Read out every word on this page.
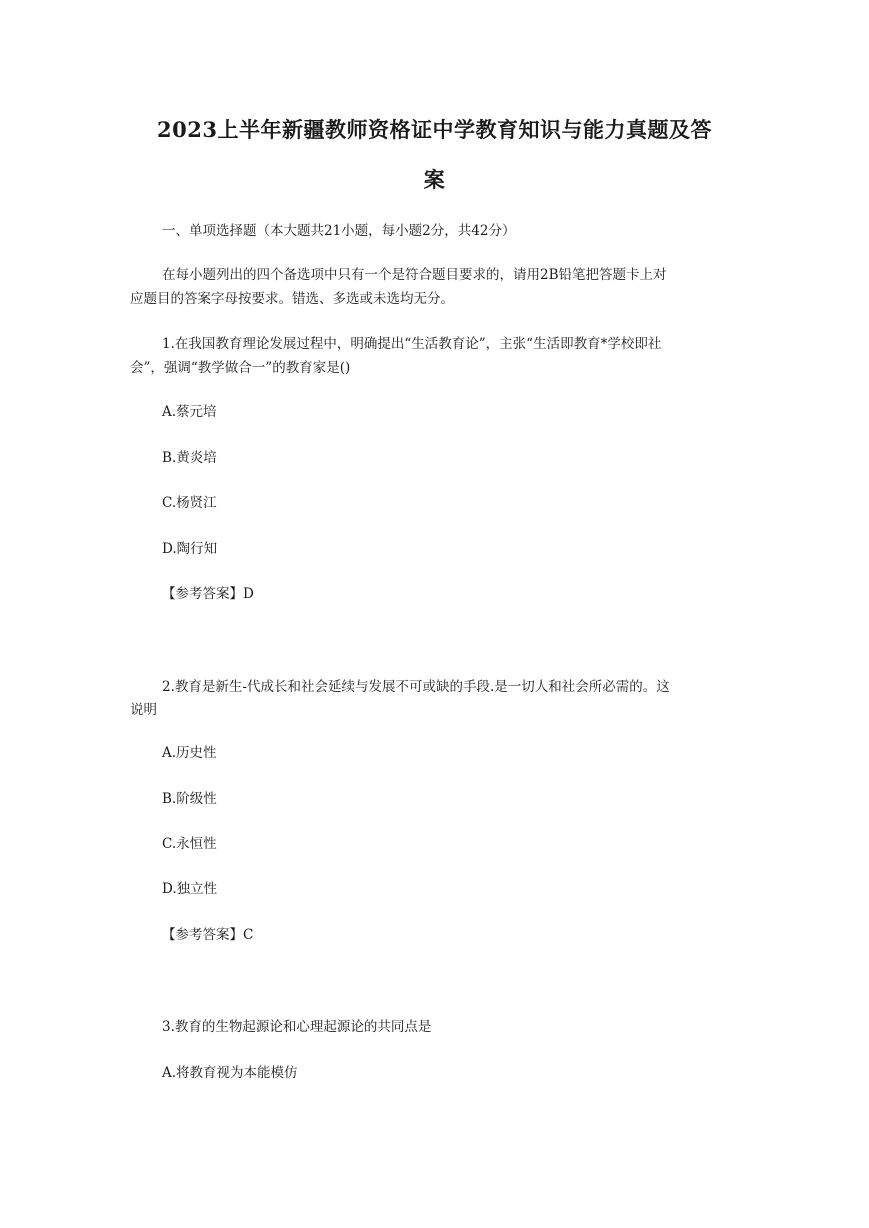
2023上半年新疆教师资格证中学教育知识与能力真题及答
案
一、单项选择题（本大题共21小题，每小题2分，共42分）
在每小题列出的四个备选项中只有一个是符合题目要求的，请用2B铅笔把答题卡上对
应题目的答案字母按要求。错选、多选或未选均无分。
1.在我国教育理论发展过程中，明确提出“生活教育论”，主张“生活即教育*学校即社
会”，强调“教学做合一”的教育家是()
A.蔡元培
B.黄炎培
C.杨贤江
D.陶行知
【参考答案】D
2.教育是新生-代成长和社会延续与发展不可或缺的手段.是一切人和社会所必需的。这
说明
A.历史性
B.阶级性
C.永恒性
D.独立性
【参考答案】C
3.教育的生物起源论和心理起源论的共同点是
A.将教育视为本能模仿
